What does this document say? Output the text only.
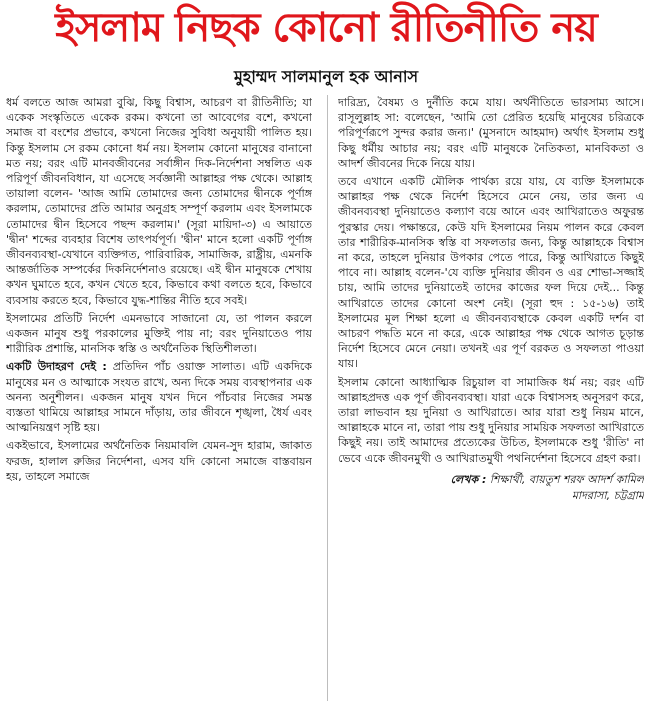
ইসলাম নিছক কোনো রীতিনীতি নয়
মুহাম্মদ সালমানুল হক আনাস

ধর্ম বলতে আজ আমরা বুঝি, কিছু বিশ্বাস, আচরণ বা রীতিনীতি; যা একেক সংস্কৃতিতে একেক রকম। কখনো তা আবেগের বশে, কখনো সমাজ বা বংশের প্রভাবে, কখনো নিজের সুবিধা অনুযায়ী পালিত হয়। কিন্তু ইসলাম সে রকম কোনো ধর্ম নয়। ইসলাম কোনো মানুষের বানানো মত নয়; বরং এটি মানবজীবনের সর্বাঙ্গীন দিক-নির্দেশনা সম্বলিত এক পরিপূর্ণ জীবনবিধান, যা এসেছে সর্বজ্ঞানী আল্লাহর পক্ষ থেকে। আল্লাহ তায়ালা বলেন- 'আজ আমি তোমাদের জন্য তোমাদের দ্বীনকে পূর্ণাঙ্গ করলাম, তোমাদের প্রতি আমার অনুগ্রহ সম্পূর্ণ করলাম এবং ইসলামকে তোমাদের দ্বীন হিসেবে পছন্দ করলাম।' (সূরা মায়িদা-৩) এ আয়াতে 'দ্বীন' শব্দের ব্যবহার বিশেষ তাৎপর্যপূর্ণ। 'দ্বীন' মানে হলো একটি পূর্ণাঙ্গ জীবনব্যবস্থা-যেখানে ব্যক্তিগত, পারিবারিক, সামাজিক, রাষ্ট্রীয়, এমনকি আন্তর্জাতিক সম্পর্কের দিকনির্দেশনাও রয়েছে। এই দ্বীন মানুষকে শেখায় কখন ঘুমাতে হবে, কখন খেতে হবে, কিভাবে কথা বলতে হবে, কিভাবে ব্যবসায় করতে হবে, কিভাবে যুদ্ধ-শান্তির নীতি হবে সবই।

ইসলামের প্রতিটি নির্দেশ এমনভাবে সাজানো যে, তা পালন করলে একজন মানুষ শুধু পরকালের মুক্তিই পায় না; বরং দুনিয়াতেও পায় শারীরিক প্রশান্তি, মানসিক স্বস্তি ও অর্থনৈতিক স্থিতিশীলতা।

একটি উদাহরণ দেই : প্রতিদিন পাঁচ ওয়াক্ত সালাত। এটি একদিকে মানুষের মন ও আত্মাকে সংযত রাখে, অন্য দিকে সময় ব্যবস্থাপনার এক অনন্য অনুশীলন। একজন মানুষ যখন দিনে পাঁচবার নিজের সমস্ত ব্যস্ততা থামিয়ে আল্লাহর সামনে দাঁড়ায়, তার জীবনে শৃঙ্খলা, ধৈর্য এবং আত্মনিয়ন্ত্রণ সৃষ্টি হয়।

একইভাবে, ইসলামের অর্থনৈতিক নিয়মাবলি যেমন-সুদ হারাম, জাকাত ফরজ, হালাল রুজির নির্দেশনা, এসব যদি কোনো সমাজে বাস্তবায়ন হয়, তাহলে সমাজে

দারিদ্র্য, বৈষম্য ও দুর্নীতি কমে যায়। অর্থনীতিতে ভারসাম্য আসে। রাসূলুল্লাহ সা: বলেছেন, 'আমি তো প্রেরিত হয়েছি মানুষের চরিত্রকে পরিপূর্ণরূপে সুন্দর করার জন্য।' (মুসনাদে আহমাদ) অর্থাৎ ইসলাম শুধু কিছু ধর্মীয় আচার নয়; বরং এটি মানুষকে নৈতিকতা, মানবিকতা ও আদর্শ জীবনের দিকে নিয়ে যায়।

তবে এখানে একটি মৌলিক পার্থক্য রয়ে যায়, যে ব্যক্তি ইসলামকে আল্লাহর পক্ষ থেকে নির্দেশ হিসেবে মেনে নেয়, তার জন্য এ জীবনব্যবস্থা দুনিয়াতেও কল্যাণ বয়ে আনে এবং আখিরাতেও অফুরন্ত পুরস্কার দেয়। পক্ষান্তরে, কেউ যদি ইসলামের নিয়ম পালন করে কেবল তার শারীরিক-মানসিক স্বস্তি বা সফলতার জন্য, কিন্তু আল্লাহকে বিশ্বাস না করে, তাহলে দুনিয়ার উপকার পেতে পারে, কিন্তু আখিরাতে কিছুই পাবে না। আল্লাহ বলেন-'যে ব্যক্তি দুনিয়ার জীবন ও এর শোভা-সজ্জাই চায়, আমি তাদের দুনিয়াতেই তাদের কাজের ফল দিয়ে দেই... কিন্তু আখিরাতে তাদের কোনো অংশ নেই। (সূরা হুদ : ১৫-১৬) তাই ইসলামের মূল শিক্ষা হলো এ জীবনব্যবস্থাকে কেবল একটি দর্শন বা আচরণ পদ্ধতি মনে না করে, একে আল্লাহর পক্ষ থেকে আগত চূড়ান্ত নির্দেশ হিসেবে মেনে নেয়া। তখনই এর পূর্ণ বরকত ও সফলতা পাওয়া যায়।

ইসলাম কোনো আধ্যাত্মিক রিচুয়াল বা সামাজিক ধর্ম নয়; বরং এটি আল্লাহপ্রদত্ত এক পূর্ণ জীবনব্যবস্থা। যারা একে বিশ্বাসসহ অনুসরণ করে, তারা লাভবান হয় দুনিয়া ও আখিরাতে। আর যারা শুধু নিয়ম মানে, আল্লাহকে মানে না, তারা পায় শুধু দুনিয়ার সাময়িক সফলতা আখিরাতে কিছুই নয়। তাই আমাদের প্রত্যেকের উচিত, ইসলামকে শুধু 'রীতি' না ভেবে একে জীবনমুখী ও আখিরাতমুখী পথনির্দেশনা হিসেবে গ্রহণ করা।

লেখক : শিক্ষার্থী, বায়তুশ শরফ আদর্শ কামিল
মাদরাসা, চট্টগ্রাম
